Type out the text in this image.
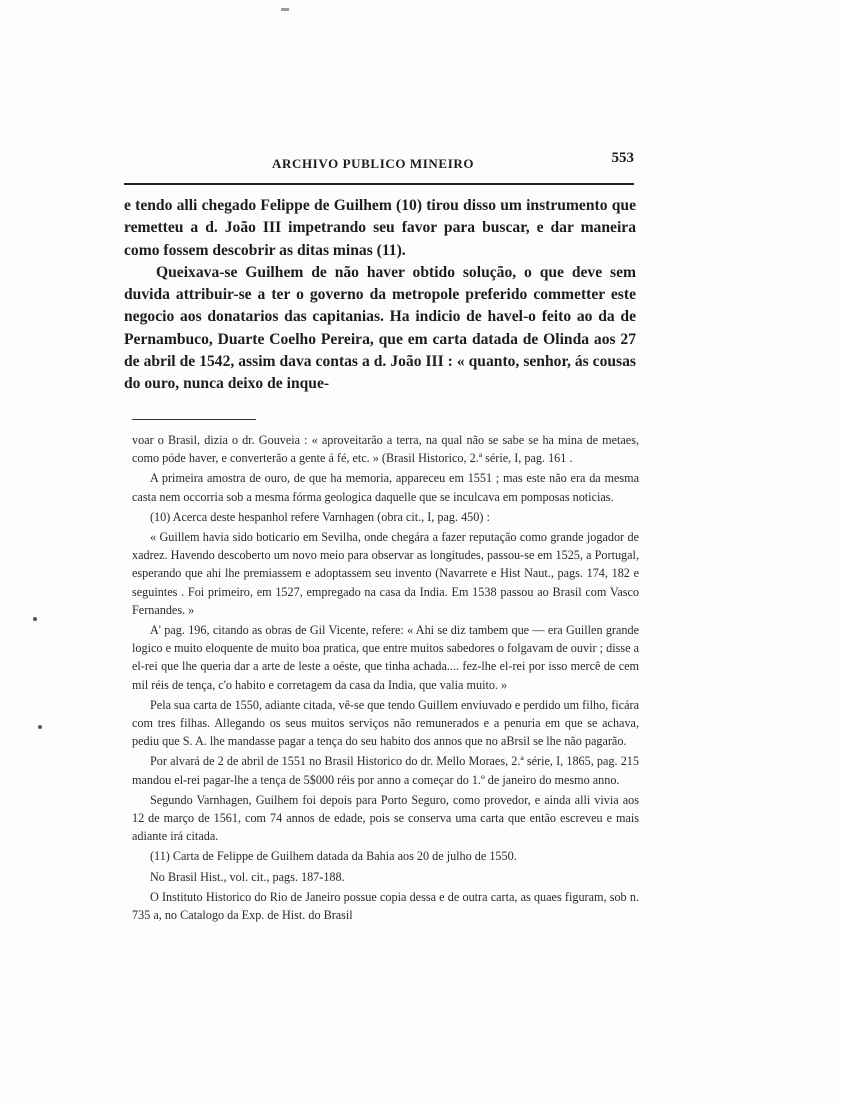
ARCHIVO PUBLICO MINEIRO	553

e tendo alli chegado Felippe de Guilhem (10) tirou disso um instrumento que remetteu a d. João III impetrando seu favor para buscar, e dar maneira como fossem descobrir as ditas minas (11).

Queixava-se Guilhem de não haver obtido solução, o que deve sem duvida attribuir-se a ter o governo da metropole preferido commetter este negocio aos donatarios das capitanias. Ha indicio de havel-o feito ao da de Pernambuco, Duarte Coelho Pereira, que em carta datada de Olinda aos 27 de abril de 1542, assim dava contas a d. João III : « quanto, senhor, ás cousas do ouro, nunca deixo de inque-

voar o Brasil, dizia o dr. Gouveia : « aproveitarão a terra, na qual não se sabe se ha mina de metaes, como póde haver, e converterão a gente á fé, etc. » (Brasil Historico, 2.ª série, I, pag. 161 .

A primeira amostra de ouro, de que ha memoria, appareceu em 1551 ; mas este não era da mesma casta nem occorria sob a mesma fórma geologica daquelle que se inculcava em pomposas noticias.

(10) Acerca deste hespanhol refere Varnhagen (obra cit., I, pag. 450) :

« Guillem havia sido boticario em Sevilha, onde chegára a fazer reputação como grande jogador de xadrez. Havendo descoberto um novo meio para observar as longitudes, passou-se em 1525, a Portugal, esperando que ahi lhe premiassem e adoptassem seu invento (Navarrete e Hist Naut., pags. 174, 182 e seguintes . Foi primeiro, em 1527, empregado na casa da India. Em 1538 passou ao Brasil com Vasco Fernandes. »

A' pag. 196, citando as obras de Gil Vicente, refere: « Ahi se diz tambem que — era Guillen grande logico e muito eloquente de muito boa pratica, que entre muitos sabedores o folgavam de ouvir ; disse a el-rei que lhe queria dar a arte de leste a oéste, que tinha achada.... fez-lhe el-rei por isso mercê de cem mil réis de tença, c'o habito e corretagem da casa da India, que valia muito. »

Pela sua carta de 1550, adiante citada, vê-se que tendo Guillem enviuvado e perdido um filho, ficára com tres filhas. Allegando os seus muitos serviços não remunerados e a penuria em que se achava, pediu que S. A. lhe mandasse pagar a tença do seu habito dos annos que no aBrsil se lhe não pagarão.

Por alvará de 2 de abril de 1551 no Brasil Historico do dr. Mello Moraes, 2.ª série, I, 1865, pag. 215 mandou el-rei pagar-lhe a tença de 5$000 réis por anno a começar do 1.º de janeiro do mesmo anno.

Segundo Varnhagen, Guilhem foi depois para Porto Seguro, como provedor, e ainda alli vivia aos 12 de março de 1561, com 74 annos de edade, pois se conserva uma carta que então escreveu e mais adiante irá citada.

(11) Carta de Felippe de Guilhem datada da Bahia aos 20 de julho de 1550.

No Brasil Hist., vol. cit., pags. 187-188.

O Instituto Historico do Rio de Janeiro possue copia dessa e de outra carta, as quaes figuram, sob n. 735 a, no Catalogo da Exp. de Hist. do Brasil
